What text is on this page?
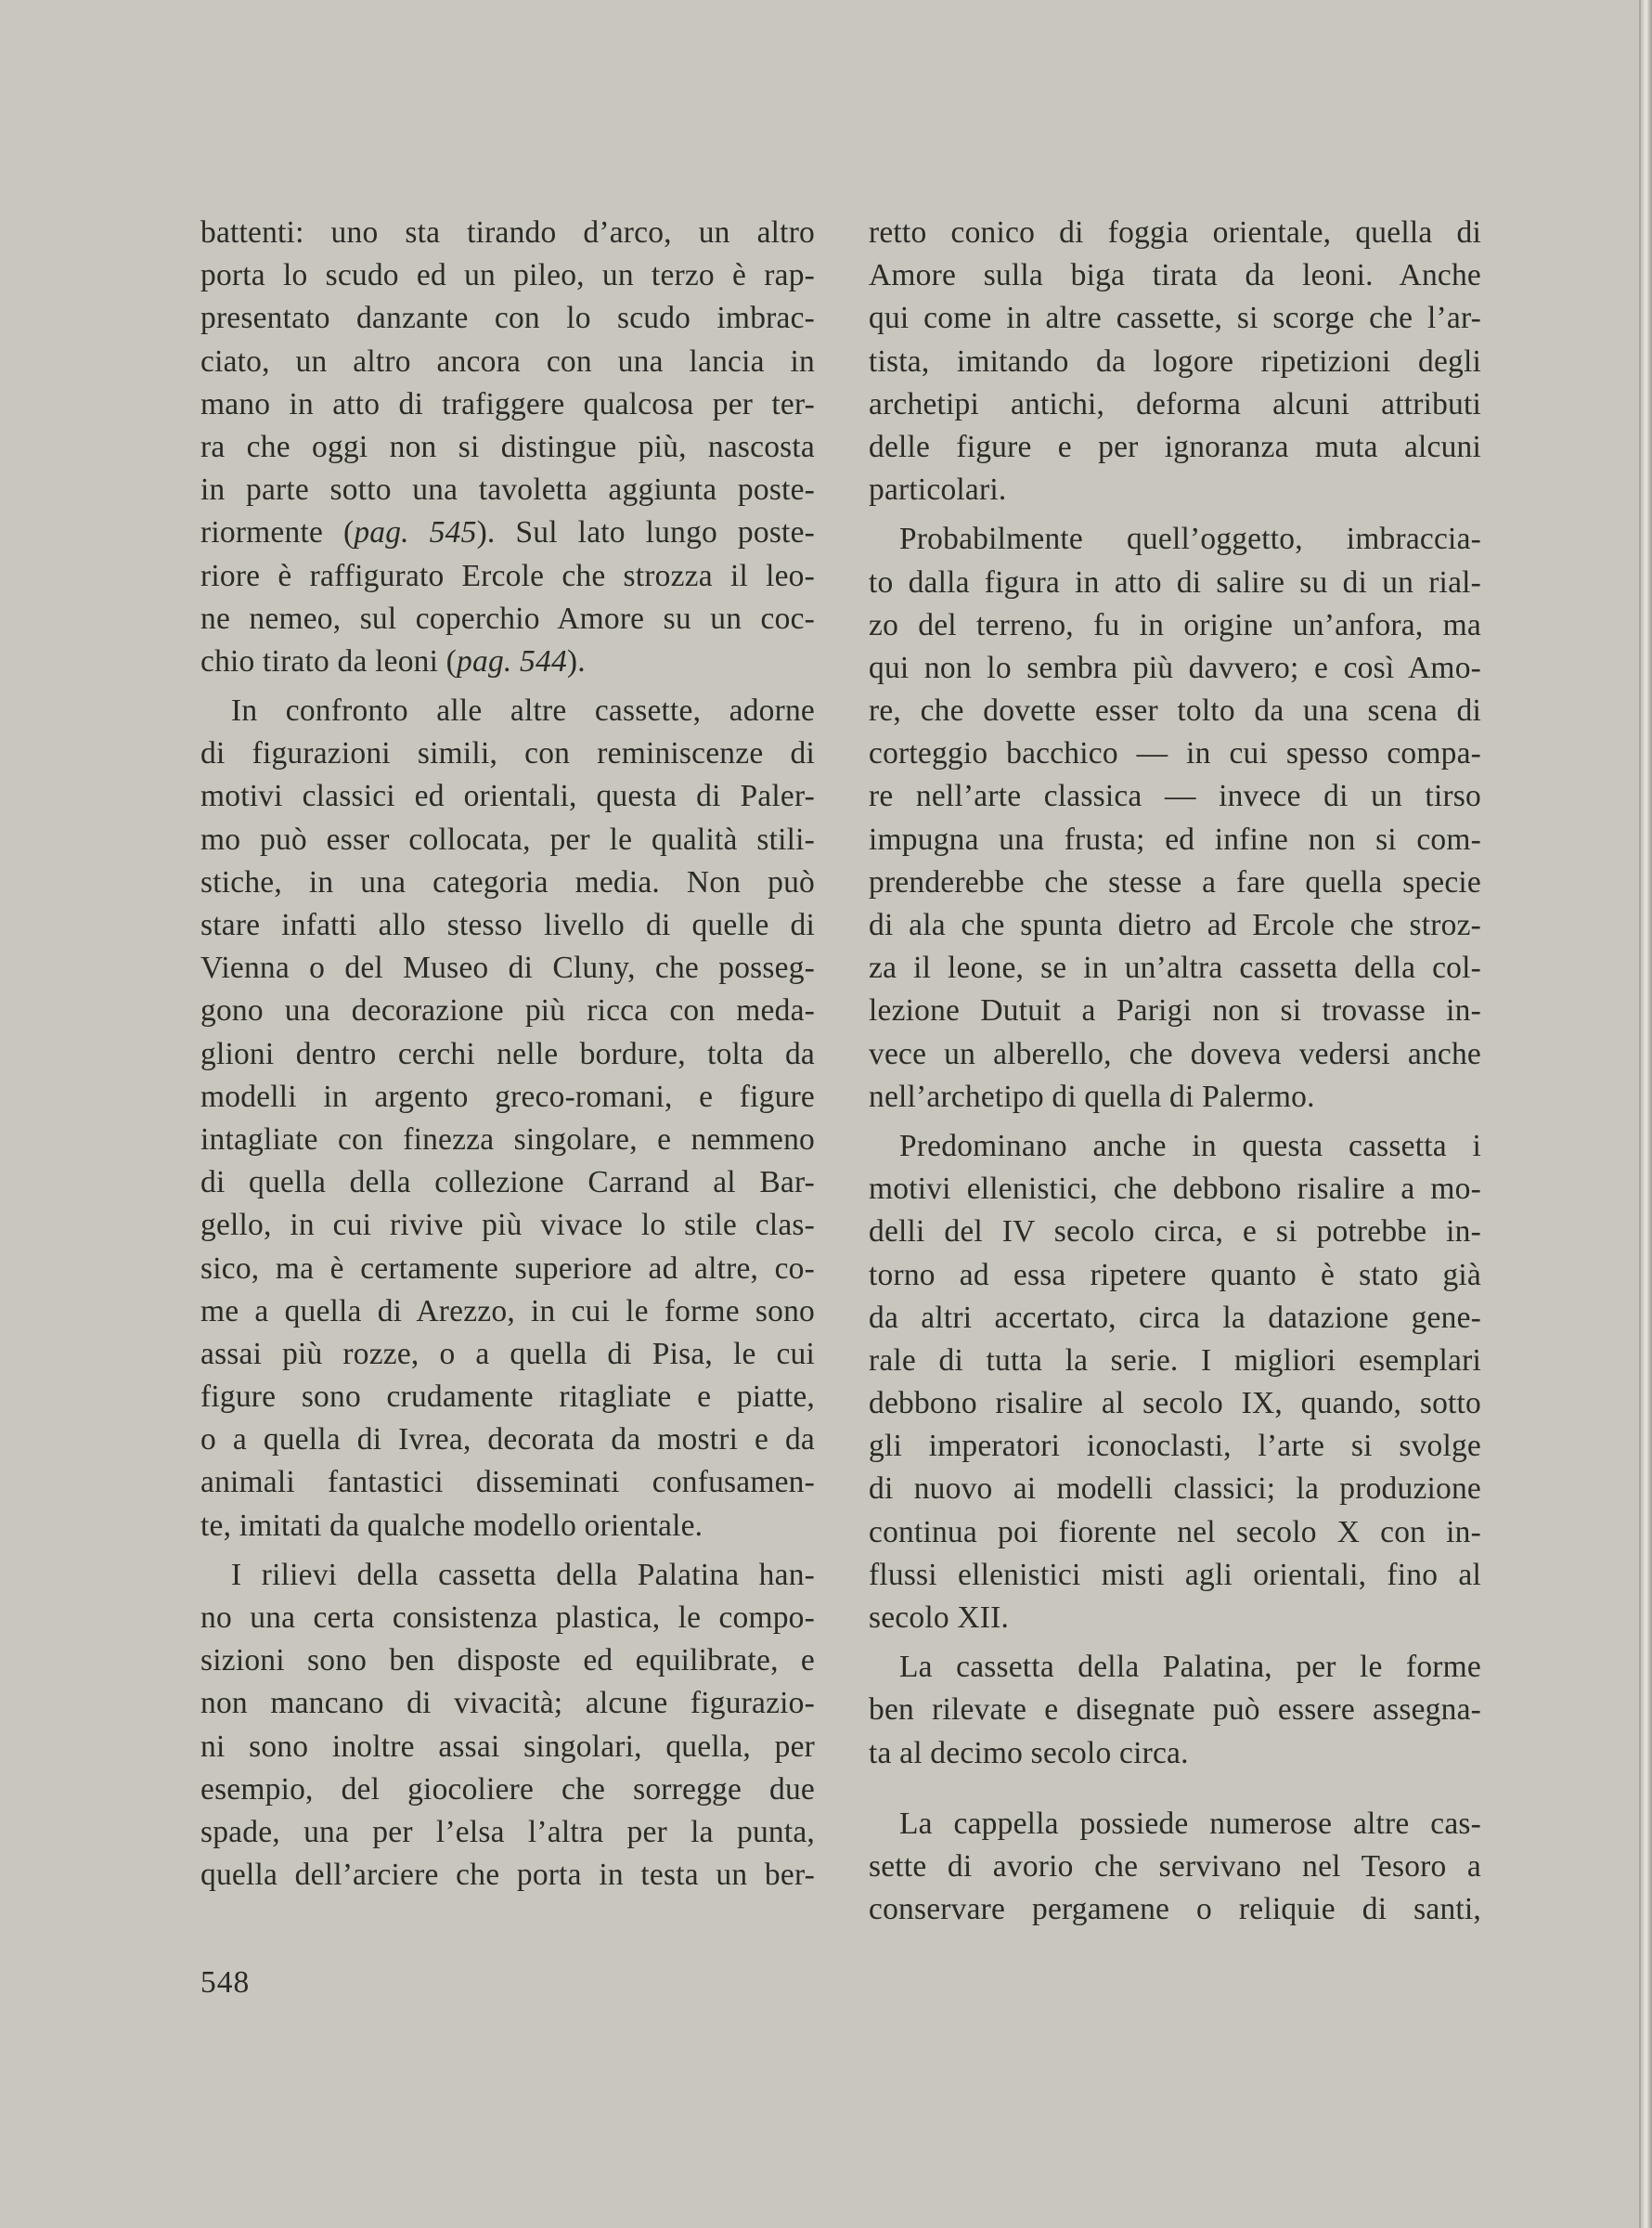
battenti: uno sta tirando d’arco, un altro
porta lo scudo ed un pileo, un terzo è rap-
presentato danzante con lo scudo imbrac-
ciato, un altro ancora con una lancia in
mano in atto di trafiggere qualcosa per ter-
ra che oggi non si distingue più, nascosta
in parte sotto una tavoletta aggiunta poste-
riormente (pag. 545). Sul lato lungo poste-
riore è raffigurato Ercole che strozza il leo-
ne nemeo, sul coperchio Amore su un coc-
chio tirato da leoni (pag. 544).
In confronto alle altre cassette, adorne
di figurazioni simili, con reminiscenze di
motivi classici ed orientali, questa di Paler-
mo può esser collocata, per le qualità stili-
stiche, in una categoria media. Non può
stare infatti allo stesso livello di quelle di
Vienna o del Museo di Cluny, che posseg-
gono una decorazione più ricca con meda-
glioni dentro cerchi nelle bordure, tolta da
modelli in argento greco-romani, e figure
intagliate con finezza singolare, e nemmeno
di quella della collezione Carrand al Bar-
gello, in cui rivive più vivace lo stile clas-
sico, ma è certamente superiore ad altre, co-
me a quella di Arezzo, in cui le forme sono
assai più rozze, o a quella di Pisa, le cui
figure sono crudamente ritagliate e piatte,
o a quella di Ivrea, decorata da mostri e da
animali fantastici disseminati confusamen-
te, imitati da qualche modello orientale.
I rilievi della cassetta della Palatina han-
no una certa consistenza plastica, le compo-
sizioni sono ben disposte ed equilibrate, e
non mancano di vivacità; alcune figurazio-
ni sono inoltre assai singolari, quella, per
esempio, del giocoliere che sorregge due
spade, una per l’elsa l’altra per la punta,
quella dell’arciere che porta in testa un ber-
retto conico di foggia orientale, quella di
Amore sulla biga tirata da leoni. Anche
qui come in altre cassette, si scorge che l’ar-
tista, imitando da logore ripetizioni degli
archetipi antichi, deforma alcuni attributi
delle figure e per ignoranza muta alcuni
particolari.
Probabilmente quell’oggetto, imbraccia-
to dalla figura in atto di salire su di un rial-
zo del terreno, fu in origine un’anfora, ma
qui non lo sembra più davvero; e così Amo-
re, che dovette esser tolto da una scena di
corteggio bacchico — in cui spesso compa-
re nell’arte classica — invece di un tirso
impugna una frusta; ed infine non si com-
prenderebbe che stesse a fare quella specie
di ala che spunta dietro ad Ercole che stroz-
za il leone, se in un’altra cassetta della col-
lezione Dutuit a Parigi non si trovasse in-
vece un alberello, che doveva vedersi anche
nell’archetipo di quella di Palermo.
Predominano anche in questa cassetta i
motivi ellenistici, che debbono risalire a mo-
delli del IV secolo circa, e si potrebbe in-
torno ad essa ripetere quanto è stato già
da altri accertato, circa la datazione gene-
rale di tutta la serie. I migliori esemplari
debbono risalire al secolo IX, quando, sotto
gli imperatori iconoclasti, l’arte si svolge
di nuovo ai modelli classici; la produzione
continua poi fiorente nel secolo X con in-
flussi ellenistici misti agli orientali, fino al
secolo XII.
La cassetta della Palatina, per le forme
ben rilevate e disegnate può essere assegna-
ta al decimo secolo circa.
La cappella possiede numerose altre cas-
sette di avorio che servivano nel Tesoro a
conservare pergamene o reliquie di santi,
548
